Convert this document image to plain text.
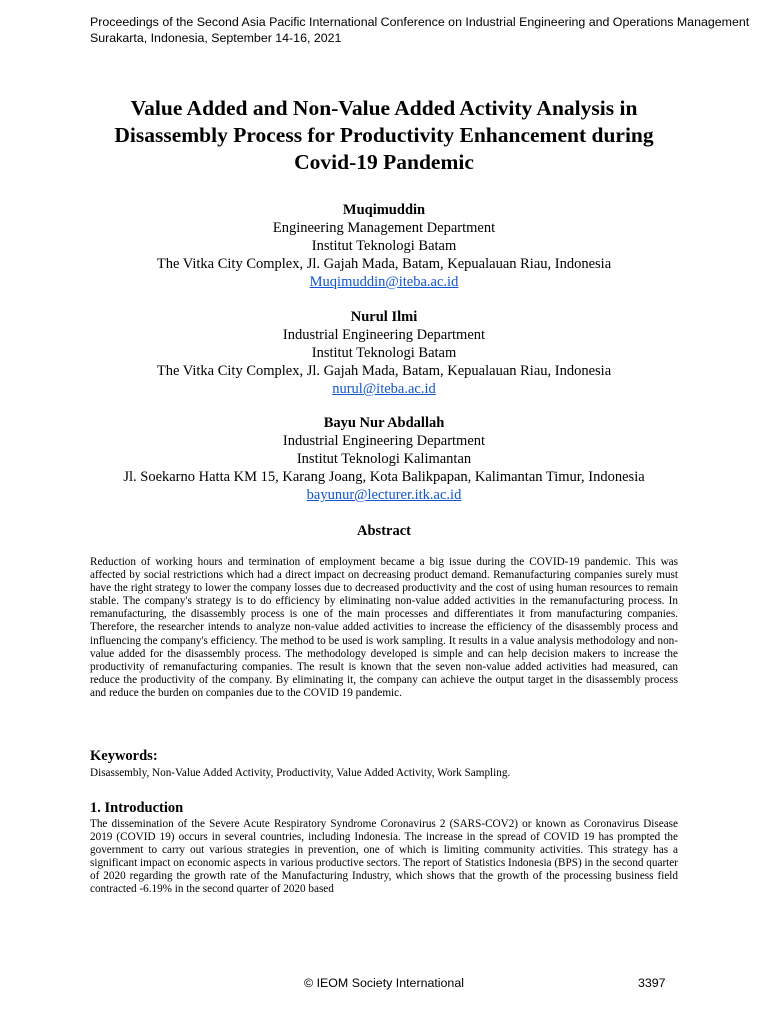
Proceedings of the Second Asia Pacific International Conference on Industrial Engineering and Operations Management
Surakarta, Indonesia, September 14-16, 2021
Value Added and Non-Value Added Activity Analysis in
Disassembly Process for Productivity Enhancement during
Covid-19 Pandemic
Muqimuddin
Engineering Management Department
Institut Teknologi Batam
The Vitka City Complex, Jl. Gajah Mada, Batam, Kepualauan Riau, Indonesia
Muqimuddin@iteba.ac.id
Nurul Ilmi
Industrial Engineering Department
Institut Teknologi Batam
The Vitka City Complex, Jl. Gajah Mada, Batam, Kepualauan Riau, Indonesia
nurul@iteba.ac.id
Bayu Nur Abdallah
Industrial Engineering Department
Institut Teknologi Kalimantan
Jl. Soekarno Hatta KM 15, Karang Joang, Kota Balikpapan, Kalimantan Timur, Indonesia
bayunur@lecturer.itk.ac.id
Abstract
Reduction of working hours and termination of employment became a big issue during the COVID-19 pandemic. This was affected by social restrictions which had a direct impact on decreasing product demand. Remanufacturing companies surely must have the right strategy to lower the company losses due to decreased productivity and the cost of using human resources to remain stable. The company's strategy is to do efficiency by eliminating non-value added activities in the remanufacturing process. In remanufacturing, the disassembly process is one of the main processes and differentiates it from manufacturing companies. Therefore, the researcher intends to analyze non-value added activities to increase the efficiency of the disassembly process and influencing the company's efficiency. The method to be used is work sampling. It results in a value analysis methodology and non-value added for the disassembly process. The methodology developed is simple and can help decision makers to increase the productivity of remanufacturing companies. The result is known that the seven non-value added activities had measured, can reduce the productivity of the company. By eliminating it, the company can achieve the output target in the disassembly process and reduce the burden on companies due to the COVID 19 pandemic.
Keywords:
Disassembly, Non-Value Added Activity, Productivity, Value Added Activity, Work Sampling.
1. Introduction
The dissemination of the Severe Acute Respiratory Syndrome Coronavirus 2 (SARS-COV2) or known as Coronavirus Disease 2019 (COVID 19) occurs in several countries, including Indonesia. The increase in the spread of COVID 19 has prompted the government to carry out various strategies in prevention, one of which is limiting community activities. This strategy has a significant impact on economic aspects in various productive sectors. The report of Statistics Indonesia (BPS) in the second quarter of 2020 regarding the growth rate of the Manufacturing Industry, which shows that the growth of the processing business field contracted -6.19% in the second quarter of 2020 based
© IEOM Society International	3397
